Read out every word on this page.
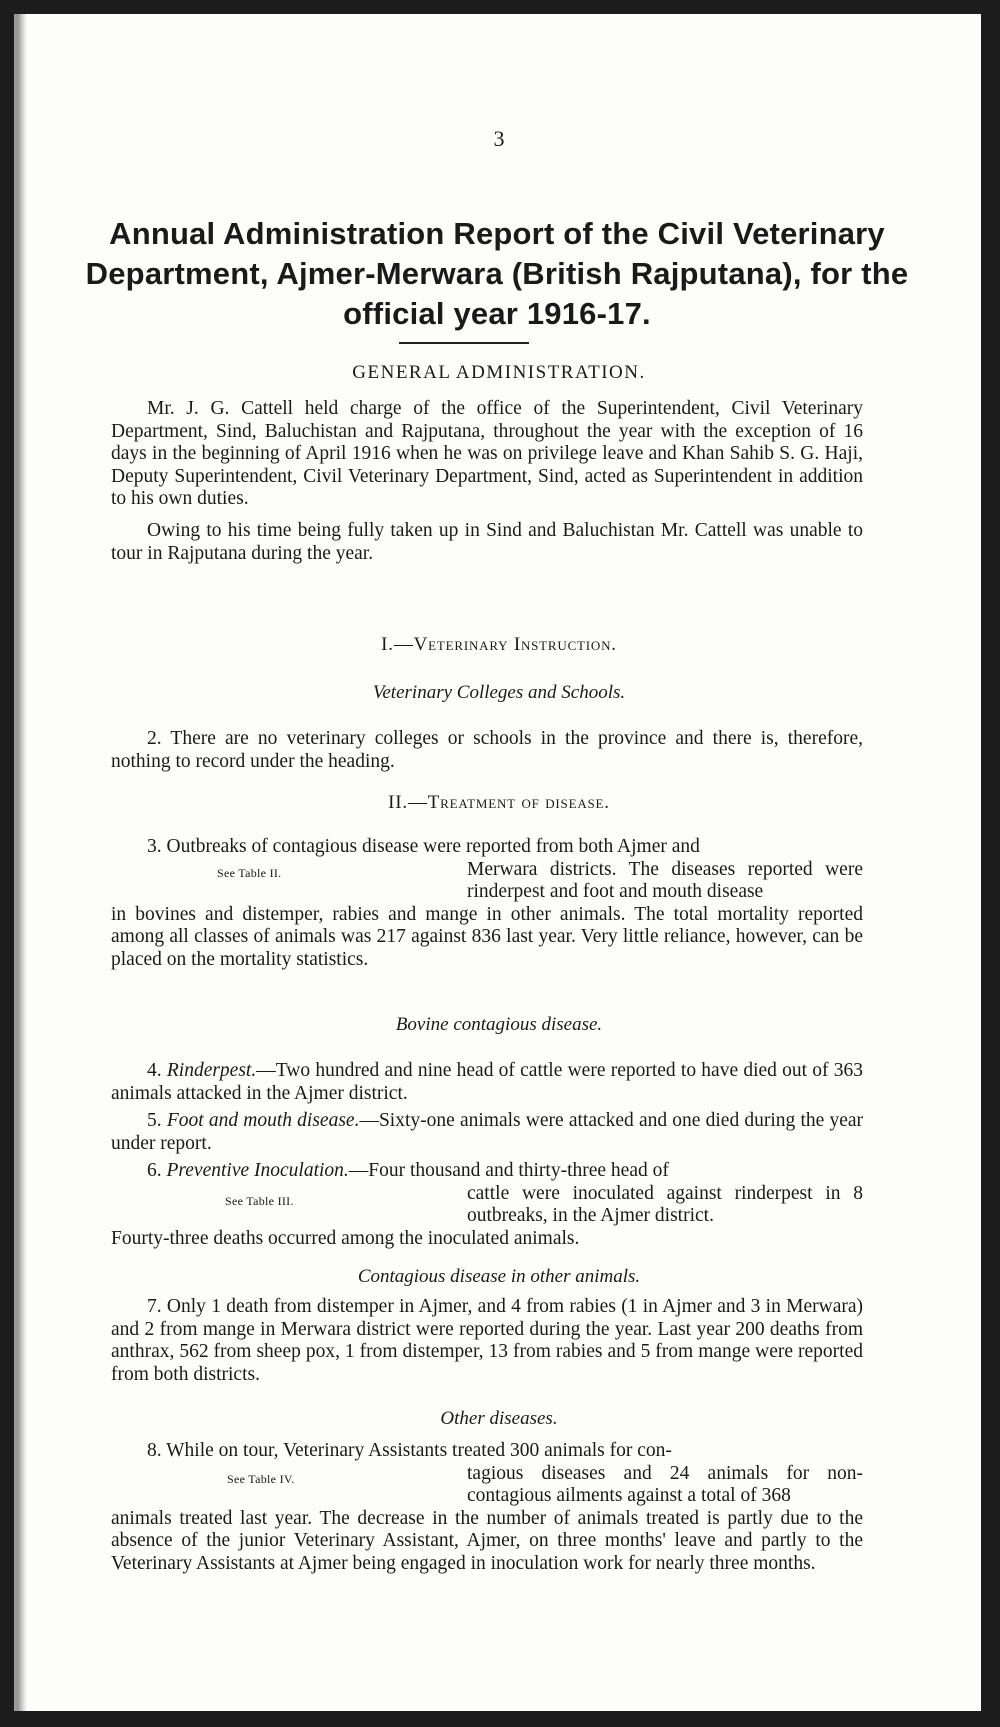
3
Annual Administration Report of the Civil Veterinary Department, Ajmer-Merwara (British Rajputana), for the official year 1916-17.
GENERAL ADMINISTRATION.

Mr. J. G. Cattell held charge of the office of the Superintendent, Civil Veterinary Department, Sind, Baluchistan and Rajputana, throughout the year with the exception of 16 days in the beginning of April 1916 when he was on privilege leave and Khan Sahib S. G. Haji, Deputy Superintendent, Civil Veterinary Department, Sind, acted as Superintendent in addition to his own duties.

Owing to his time being fully taken up in Sind and Baluchistan Mr. Cattell was unable to tour in Rajputana during the year.

I.—Veterinary Instruction.
Veterinary Colleges and Schools.

2. There are no veterinary colleges or schools in the province and there is, therefore, nothing to record under the heading.

II.—Treatment of disease.

3. Outbreaks of contagious disease were reported from both Ajmer and

Merwara districts. The diseases reported were rinderpest and foot and mouth disease

in bovines and distemper, rabies and mange in other animals. The total mortality reported among all classes of animals was 217 against 836 last year. Very little reliance, however, can be placed on the mortality statistics.

See Table II.
Bovine contagious disease.

4. Rinderpest.—Two hundred and nine head of cattle were reported to have died out of 363 animals attacked in the Ajmer district.

5. Foot and mouth disease.—Sixty-one animals were attacked and one died during the year under report.

6. Preventive Inoculation.—Four thousand and thirty-three head of

cattle were inoculated against rinderpest in 8 outbreaks, in the Ajmer district.

Fourty-three deaths occurred among the inoculated animals.

See Table III.
Contagious disease in other animals.

7. Only 1 death from distemper in Ajmer, and 4 from rabies (1 in Ajmer and 3 in Merwara) and 2 from mange in Merwara district were reported during the year. Last year 200 deaths from anthrax, 562 from sheep pox, 1 from distemper, 13 from rabies and 5 from mange were reported from both districts.

Other diseases.

8. While on tour, Veterinary Assistants treated 300 animals for con-

tagious diseases and 24 animals for non-contagious ailments against a total of 368

animals treated last year. The decrease in the number of animals treated is partly due to the absence of the junior Veterinary Assistant, Ajmer, on three months' leave and partly to the Veterinary Assistants at Ajmer being engaged in inoculation work for nearly three months.

See Table IV.
